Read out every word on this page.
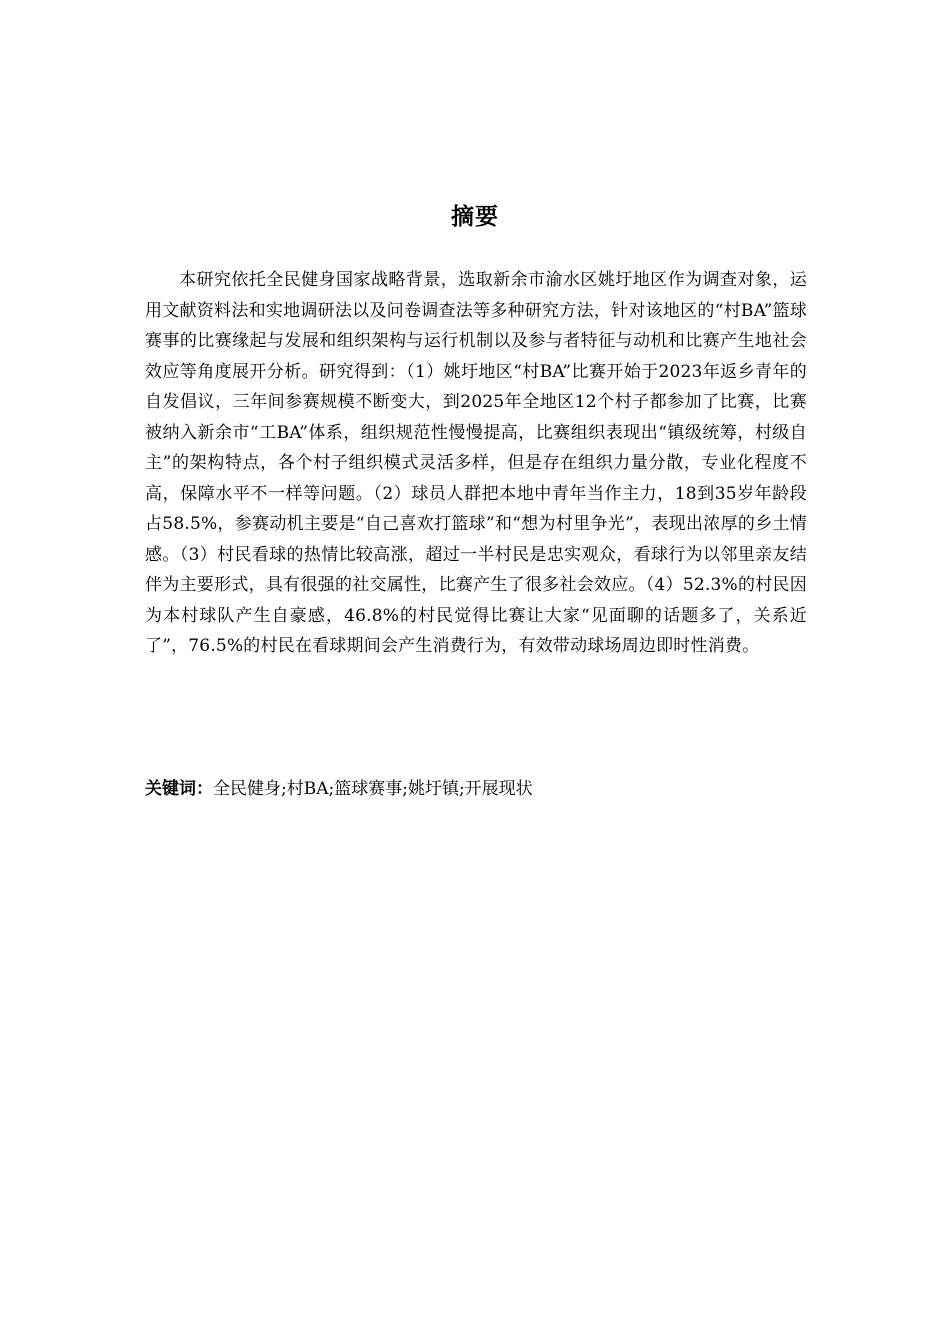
摘要

本研究依托全民健身国家战略背景，选取新余市渝水区姚圩地区作为调查对象，运用文献资料法和实地调研法以及问卷调查法等多种研究方法，针对该地区的“村BA”篮球赛事的比赛缘起与发展和组织架构与运行机制以及参与者特征与动机和比赛产生地社会效应等角度展开分析。研究得到：（1）姚圩地区“村BA”比赛开始于2023年返乡青年的自发倡议，三年间参赛规模不断变大，到2025年全地区12个村子都参加了比赛，比赛被纳入新余市“工BA”体系，组织规范性慢慢提高，比赛组织表现出“镇级统筹，村级自主”的架构特点，各个村子组织模式灵活多样，但是存在组织力量分散，专业化程度不高，保障水平不一样等问题。（2）球员人群把本地中青年当作主力，18到35岁年龄段占58.5%，参赛动机主要是“自己喜欢打篮球”和“想为村里争光”，表现出浓厚的乡土情感。（3）村民看球的热情比较高涨，超过一半村民是忠实观众，看球行为以邻里亲友结伴为主要形式，具有很强的社交属性，比赛产生了很多社会效应。（4）52.3%的村民因为本村球队产生自豪感，46.8%的村民觉得比赛让大家“见面聊的话题多了，关系近了”，76.5%的村民在看球期间会产生消费行为，有效带动球场周边即时性消费。

关键词：全民健身;村BA;篮球赛事;姚圩镇;开展现状
